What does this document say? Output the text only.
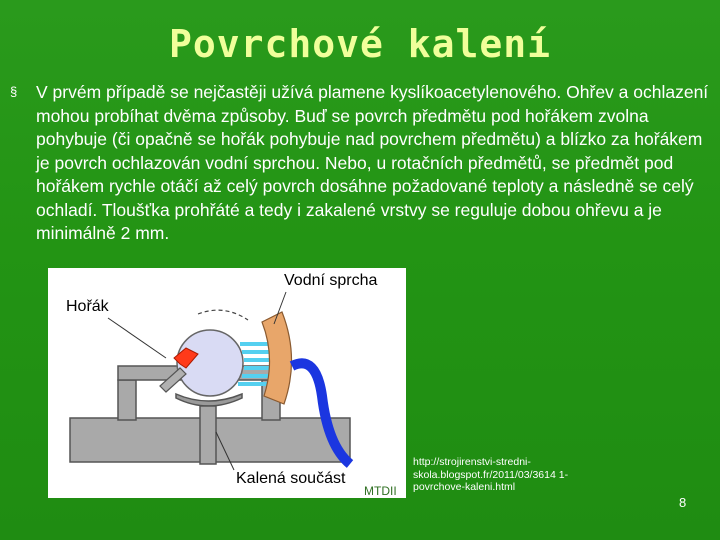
Povrchové kalení
§	V prvém případě se nejčastěji užívá plamene kyslíkoacetylenového. Ohřev a ochlazení mohou probíhat dvěma způsoby. Buď se povrch předmětu pod hořákem zvolna pohybuje (či opačně se hořák pohybuje nad povrchem předmětu) a blízko za hořákem je povrch ochlazován vodní sprchou. Nebo, u rotačních předmětů, se předmět pod hořákem rychle otáčí až celý povrch dosáhne požadované teploty a následně se celý ochladí. Tloušťka prohřáté a tedy i zakalené vrstvy se reguluje dobou ohřevu a je minimálně 2 mm.
Hořák
Vodní sprcha
Kalená součást
MTDII
http://strojirenstvi-stredni-skola.blogspot.fr/2011/03/3614 1-povrchove-kaleni.html
8
